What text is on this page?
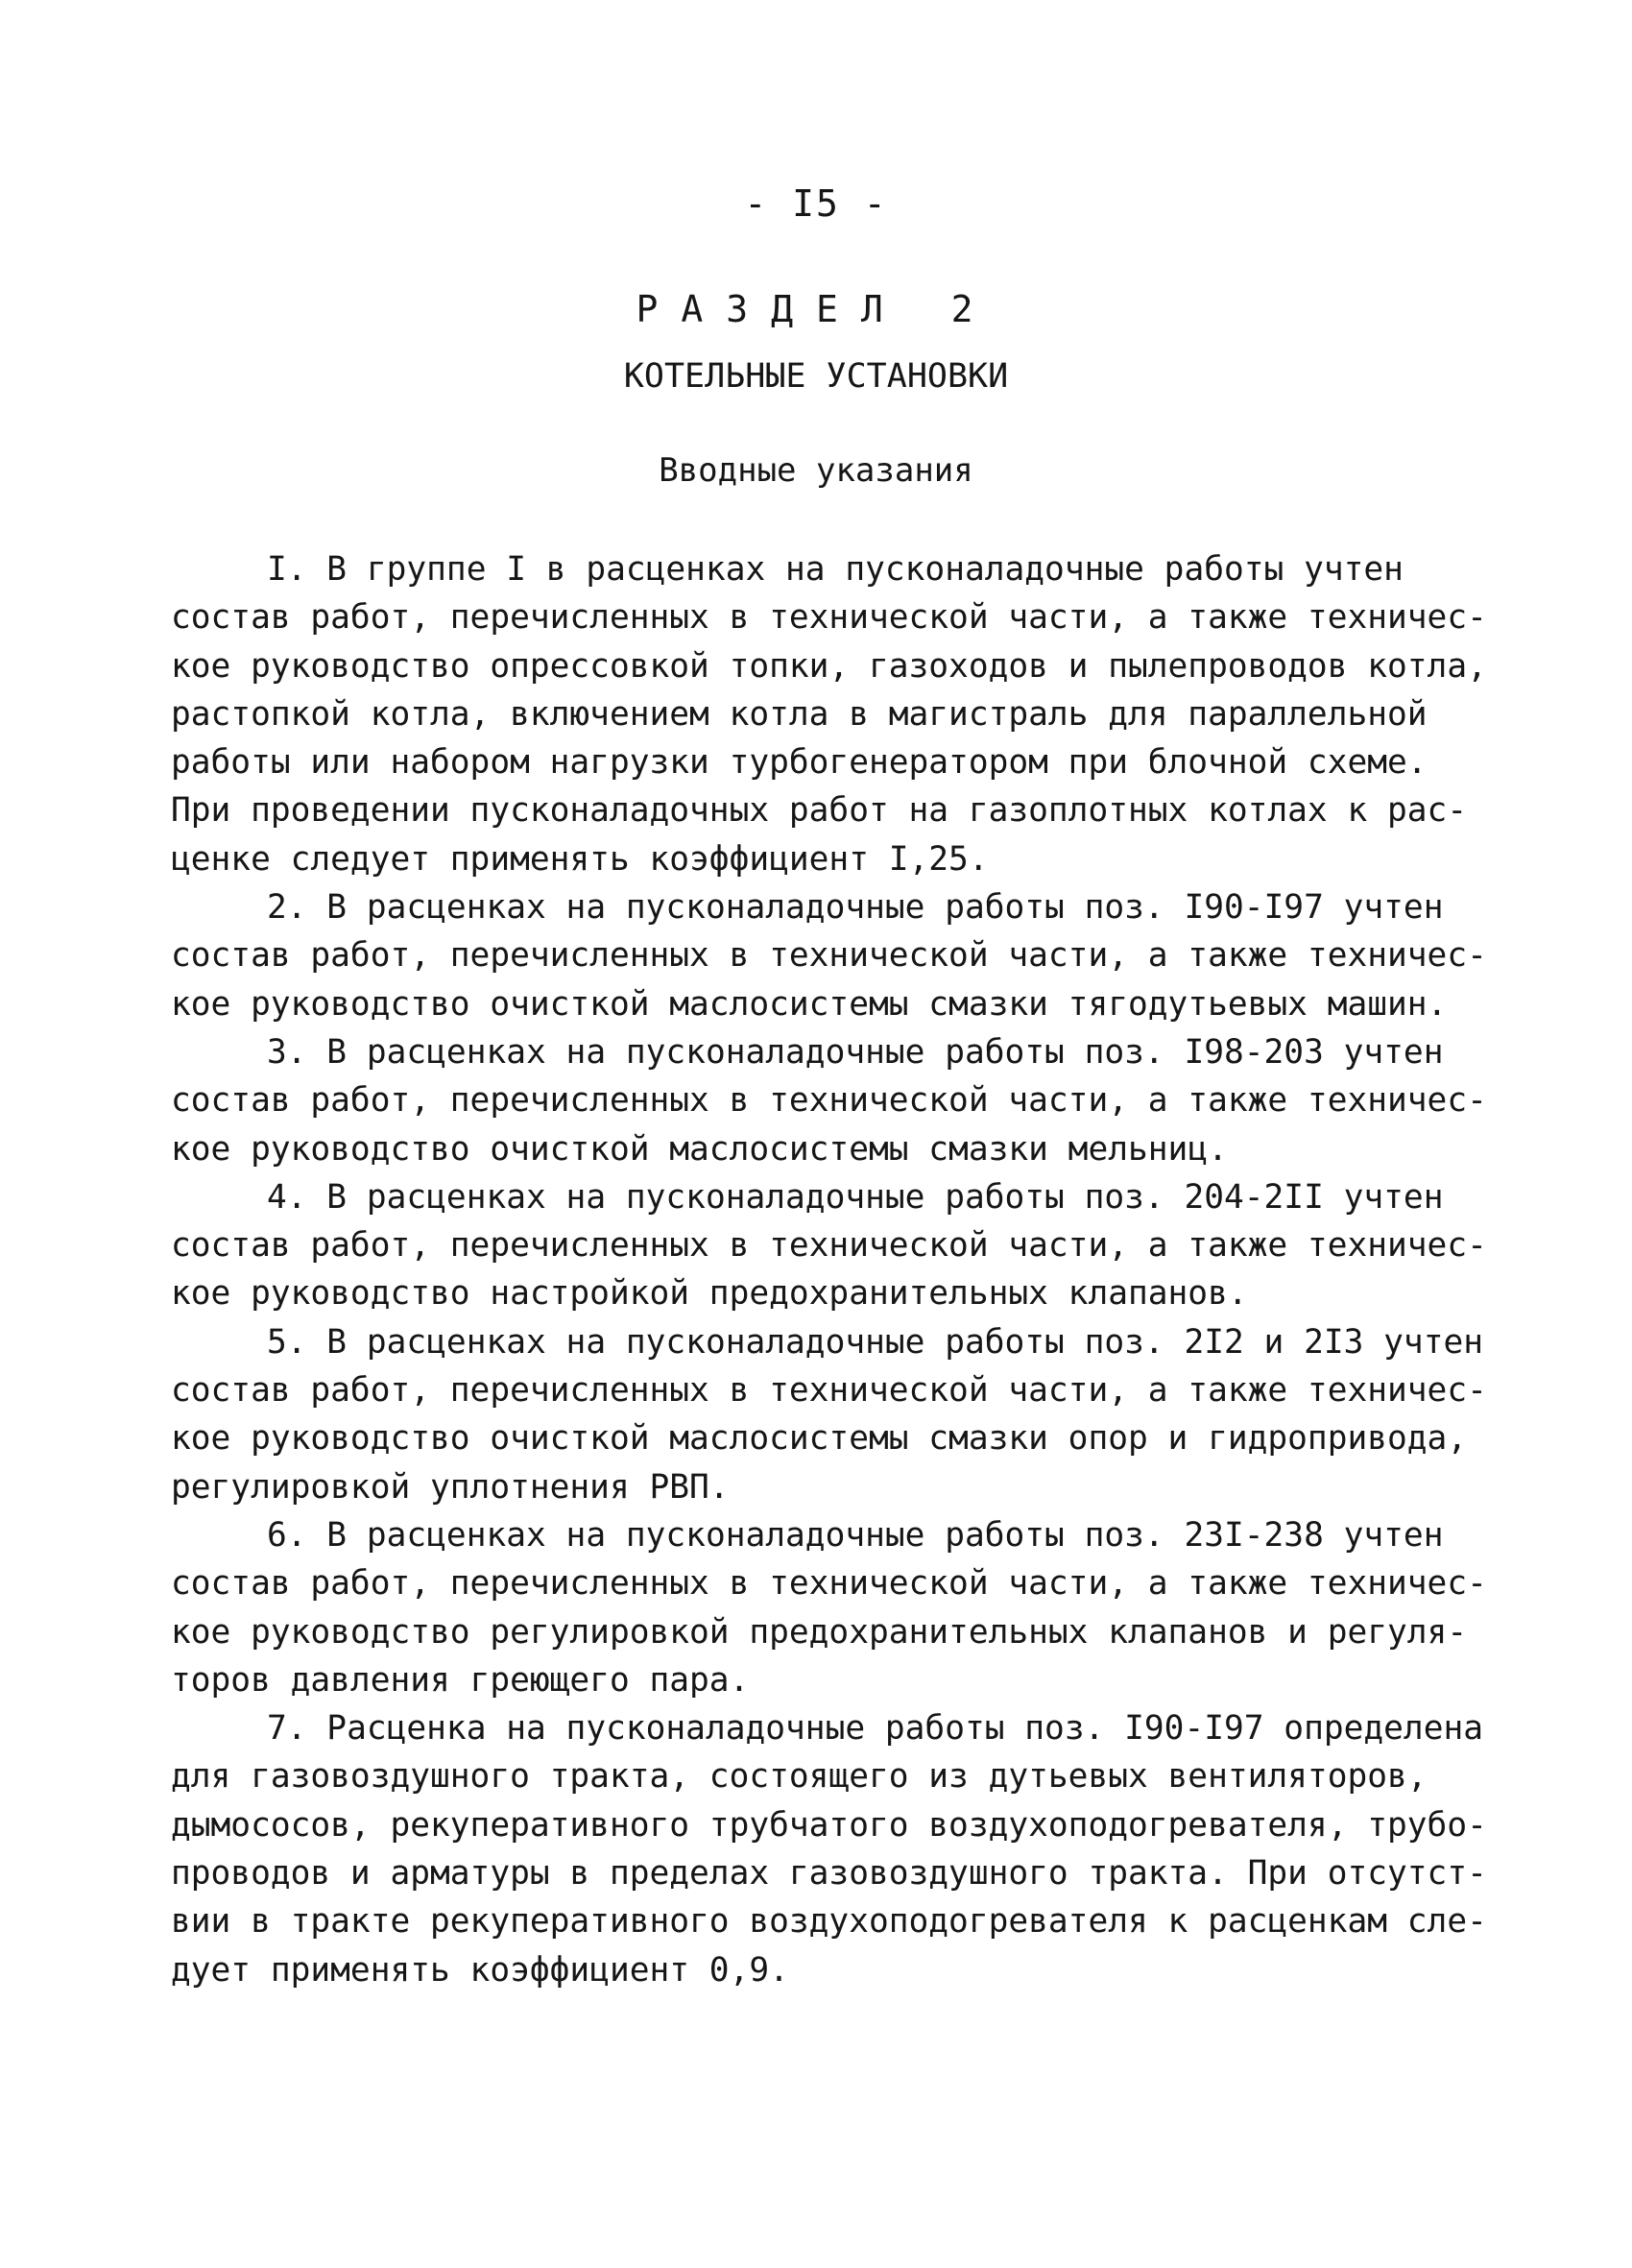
- I5 -
РАЗДЕЛ 2
КОТЕЛЬНЫЕ УСТАНОВКИ
Вводные указания
I. В группе I в расценках на пусконаладочные работы учтен
состав работ, перечисленных в технической части, а также техничес-
кое руководство опрессовкой топки, газоходов и пылепроводов котла,
растопкой котла, включением котла в магистраль для параллельной
работы или набором нагрузки турбогенератором при блочной схеме.
При проведении пусконаладочных работ на газоплотных котлах к рас-
ценке следует применять коэффициент I,25.
2. В расценках на пусконаладочные работы поз. I90-I97 учтен
состав работ, перечисленных в технической части, а также техничес-
кое руководство очисткой маслосистемы смазки тягодутьевых машин.
3. В расценках на пусконаладочные работы поз. I98-203 учтен
состав работ, перечисленных в технической части, а также техничес-
кое руководство очисткой маслосистемы смазки мельниц.
4. В расценках на пусконаладочные работы поз. 204-2II учтен
состав работ, перечисленных в технической части, а также техничес-
кое руководство настройкой предохранительных клапанов.
5. В расценках на пусконаладочные работы поз. 2I2 и 2I3 учтен
состав работ, перечисленных в технической части, а также техничес-
кое руководство очисткой маслосистемы смазки опор и гидропривода,
регулировкой уплотнения РВП.
6. В расценках на пусконаладочные работы поз. 23I-238 учтен
состав работ, перечисленных в технической части, а также техничес-
кое руководство регулировкой предохранительных клапанов и регуля-
торов давления греющего пара.
7. Расценка на пусконаладочные работы поз. I90-I97 определена
для газовоздушного тракта, состоящего из дутьевых вентиляторов,
дымососов, рекуперативного трубчатого воздухоподогревателя, трубо-
проводов и арматуры в пределах газовоздушного тракта. При отсутст-
вии в тракте рекуперативного воздухоподогревателя к расценкам сле-
дует применять коэффициент 0,9.
